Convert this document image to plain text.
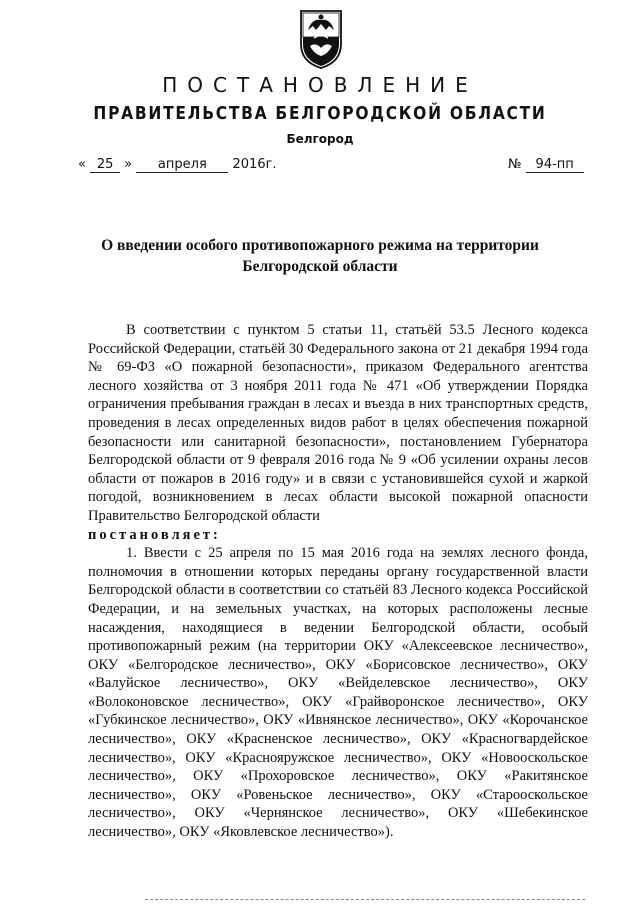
ПОСТАНОВЛЕНИЕ
ПРАВИТЕЛЬСТВА БЕЛГОРОДСКОЙ ОБЛАСТИ
Белгород
« 25 » апреля 2016г.	№ 94-пп
О введении особого противопожарного режима на территории Белгородской области

В соответствии с пунктом 5 статьи 11, статьёй 53.5 Лесного кодекса Российской Федерации, статьёй 30 Федерального закона от 21 декабря 1994 года № 69-ФЗ «О пожарной безопасности», приказом Федерального агентства лесного хозяйства от 3 ноября 2011 года № 471 «Об утверждении Порядка ограничения пребывания граждан в лесах и въезда в них транспортных средств, проведения в лесах определенных видов работ в целях обеспечения пожарной безопасности или санитарной безопасности», постановлением Губернатора Белгородской области от 9 февраля 2016 года № 9 «Об усилении охраны лесов области от пожаров в 2016 году» и в связи с установившейся сухой и жаркой погодой, возникновением в лесах области высокой пожарной опасности Правительство Белгородской области

постановляет:

1. Ввести с 25 апреля по 15 мая 2016 года на землях лесного фонда, полномочия в отношении которых переданы органу государственной власти Белгородской области в соответствии со статьёй 83 Лесного кодекса Российской Федерации, и на земельных участках, на которых расположены лесные насаждения, находящиеся в ведении Белгородской области, особый противопожарный режим (на территории ОКУ «Алексеевское лесничество», ОКУ «Белгородское лесничество», ОКУ «Борисовское лесничество», ОКУ «Валуйское лесничество», ОКУ «Вейделевское лесничество», ОКУ «Волоконовское лесничество», ОКУ «Грайворонское лесничество», ОКУ «Губкинское лесничество», ОКУ «Ивнянское лесничество», ОКУ «Корочанское лесничество», ОКУ «Красненское лесничество», ОКУ «Красногвардейское лесничество», ОКУ «Краснояружское лесничество», ОКУ «Новооскольское лесничество», ОКУ «Прохоровское лесничество», ОКУ «Ракитянское лесничество», ОКУ «Ровеньское лесничество», ОКУ «Старооскольское лесничество», ОКУ «Чернянское лесничество», ОКУ «Шебекинское лесничество», ОКУ «Яковлевское лесничество»).
